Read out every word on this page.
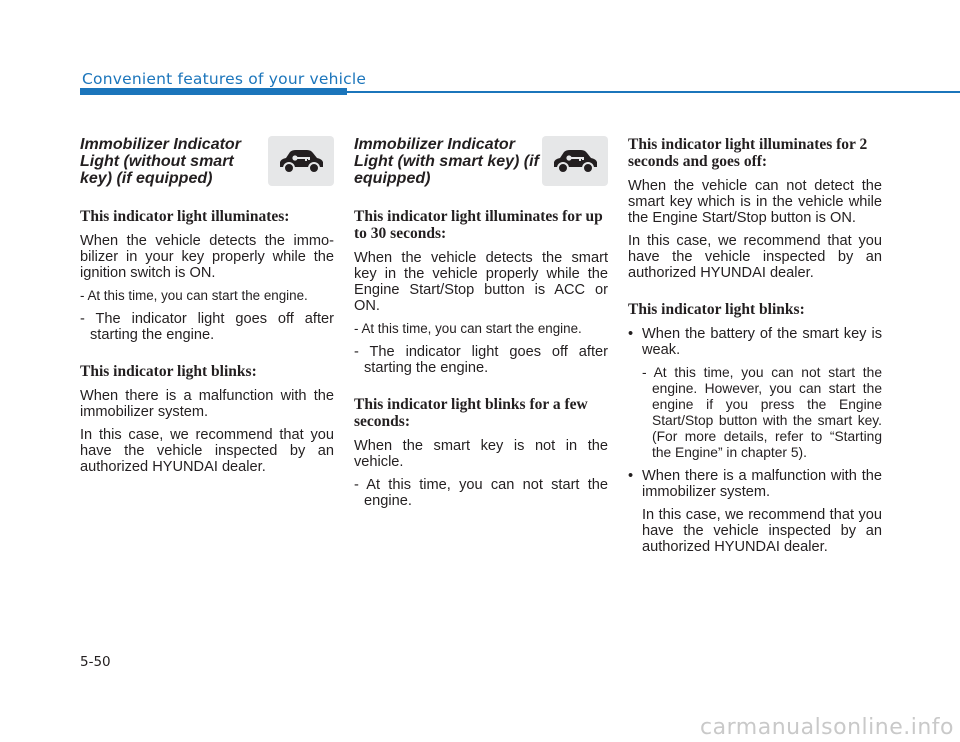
Convenient features of your vehicle
Immobilizer Indicator Light (without smart key) (if equipped)
This indicator light illuminates:

When the vehicle detects the immobilizer in your key properly while the ignition switch is ON.

- At this time, you can start the engine.

- The indicator light goes off after starting the engine.

This indicator light blinks:

When there is a malfunction with the immobilizer system.

In this case, we recommend that you have the vehicle inspected by an authorized HYUNDAI dealer.

Immobilizer Indicator Light (with smart key) (if equipped)
This indicator light illuminates for up to 30 seconds:

When the vehicle detects the smart key in the vehicle properly while the Engine Start/Stop button is ACC or ON.

- At this time, you can start the engine.

- The indicator light goes off after starting the engine.

This indicator light blinks for a few seconds:

When the smart key is not in the vehicle.

- At this time, you can not start the engine.

This indicator light illuminates for 2 seconds and goes off:

When the vehicle can not detect the smart key which is in the vehicle while the Engine Start/Stop button is ON.

In this case, we recommend that you have the vehicle inspected by an authorized HYUNDAI dealer.

This indicator light blinks:
• When the battery of the smart key is weak.

- At this time, you can not start the engine. However, you can start the engine if you press the Engine Start/Stop button with the smart key. (For more details, refer to “Starting the Engine” in chapter 5).

• When there is a malfunction with the immobilizer system.

In this case, we recommend that you have the vehicle inspected by an authorized HYUNDAI dealer.

5-50
carmanualsonline.info
